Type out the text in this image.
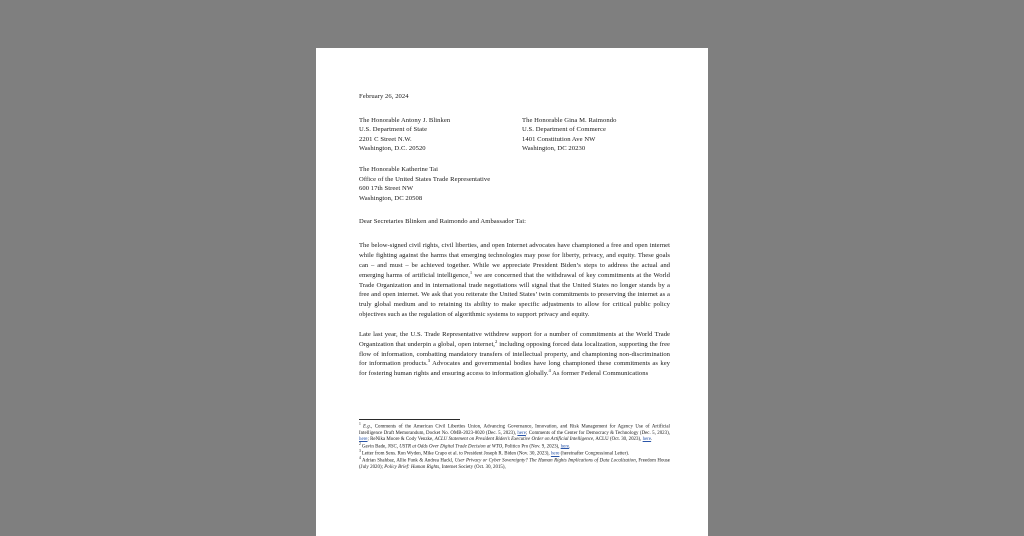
February 26, 2024
The Honorable Antony J. Blinken
U.S. Department of State
2201 C Street N.W.
Washington, D.C. 20520
The Honorable Gina M. Raimondo
U.S. Department of Commerce
1401 Constitution Ave NW
Washington, DC 20230
The Honorable Katherine Tai
Office of the United States Trade Representative
600 17th Street NW
Washington, DC 20508
Dear Secretaries Blinken and Raimondo and Ambassador Tai:

The below-signed civil rights, civil liberties, and open Internet advocates have championed a free and open internet while fighting against the harms that emerging technologies may pose for liberty, privacy, and equity. These goals can – and must – be achieved together. While we appreciate President Biden’s steps to address the actual and emerging harms of artificial intelligence,$^1$ we are concerned that the withdrawal of key commitments at the World Trade Organization and in international trade negotiations will signal that the United States no longer stands by a free and open internet. We ask that you reiterate the United States’ twin commitments to preserving the internet as a truly global medium and to retaining its ability to make specific adjustments to allow for critical public policy objectives such as the regulation of algorithmic systems to support privacy and equity.

Late last year, the U.S. Trade Representative withdrew support for a number of commitments at the World Trade Organization that underpin a global, open internet,$^2$ including opposing forced data localization, supporting the free flow of information, combatting mandatory transfers of intellectual property, and championing non-discrimination for information products.$^3$ Advocates and governmental bodies have long championed these commitments as key for fostering human rights and ensuring access to information globally.$^4$ As former Federal Communications

$^1$ E.g., Comments of the American Civil Liberties Union, Advancing Governance, Innovation, and Risk Management for Agency Use of Artificial Intelligence Draft Memorandum, Docket No. OMB-2023-0020 (Dec. 5, 2023), here; Comments of the Center for Democracy & Technology (Dec. 5, 2023), here; ReNika Moore & Cody Venzke, ACLU Statement on President Biden’s Executive Order on Artificial Intelligence, ACLU (Oct. 30, 2023), here.

$^2$ Gavin Bade, NSC, USTR at Odds Over Digital Trade Decision at WTO, Politico Pro (Nov. 9, 2023), here.

$^3$ Letter from Sens. Ron Wyden, Mike Crapo et al. to President Joseph R. Biden (Nov. 30, 2023), here (hereinafter Congressional Letter).

$^4$ Adrian Shahbaz, Allie Funk & Andrea Hackl, User Privacy or Cyber Sovereignty? The Human Rights Implications of Data Localization, Freedom House (July 2020); Policy Brief: Human Rights, Internet Society (Oct. 30, 2015),
